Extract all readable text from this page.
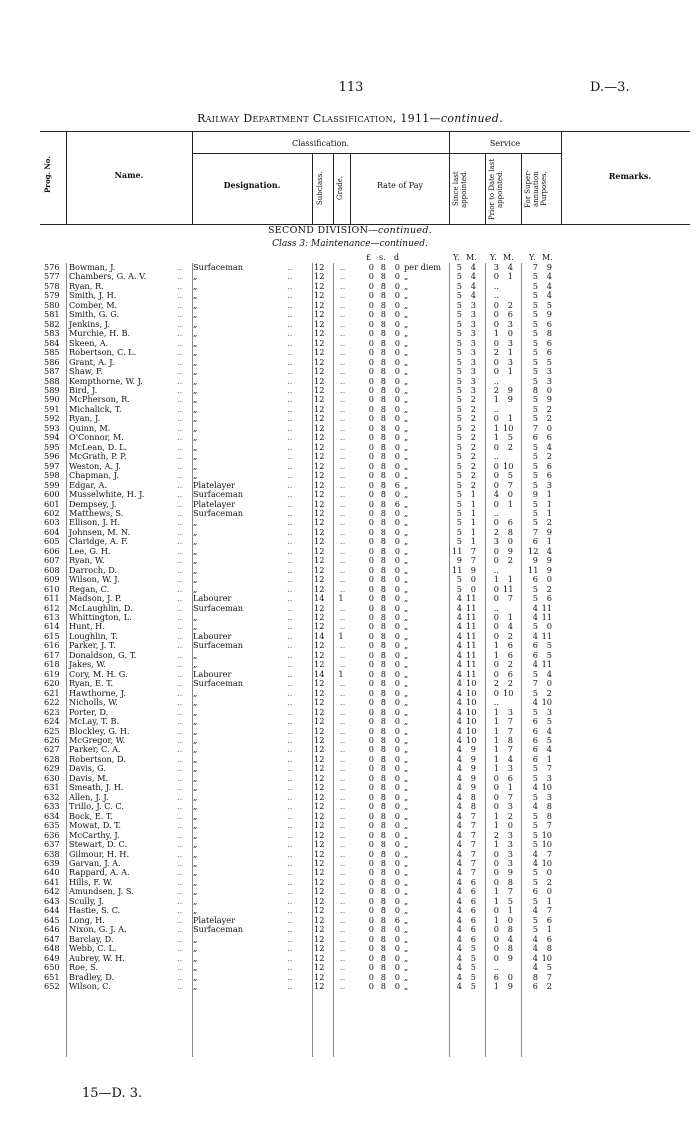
113	D.—3.
Railway Department Classification, 1911—continued.
Prog. No.	Name.
Classification.
Designation.	Subclass.	Grade.	Rate of Pay
Service
Since last appointed.	Prior to Date last appointed.	For Super-annuation Purposes.	Remarks.
SECOND DIVISION—continued.
Class 3: Maintenance—continued.
£ s. d	Y. M. Y. M. Y. M.
576 Bowman, J.	.. Surfaceman	..	12 ..	0 8	0 per diem	5	4	3	4	7	9
577 Chambers, G. A. V.	.. „	..	12 ..	0 8	0 „	5	4	0	1	5	4
578 Ryan, R.	.. „	..	12 ..	0 8	0 „	5	4	..	5	4
579 Smith, J. H.	.. „	..	12 ..	0 8	0 „	5	4	..	5	4
580 Comber, M.	.. „	..	12 ..	0 8	0 „	5	3	0	2	5	5
581 Smith, G. G.	.. „	..	12 ..	0 8	0 „	5	3	0	6	5	9
582 Jenkins, J.	.. „	..	12 ..	0 8	0 „	5	3	0	3	5	6
583 Murchie, H. B.	.. „	..	12 ..	0 8	0 „	5	3	1	0	5	8
584 Skeen, A.	.. „	..	12 ..	0 8	0 „	5	3	0	3	5	6
585 Robertson, C. L.	.. „	..	12 ..	0 8	0 „	5	3	2	1	5	6
586 Grant, A. J.	.. „	..	12 ..	0 8	0 „	5	3	0	3	5	5
587 Shaw, F.	.. „	..	12 ..	0 8	0 „	5	3	0	1	5	3
588 Kempthorne, W. J.	.. „	..	12 ..	0 8	0 „	5	3	..	5	3
589 Bird, J.	.. „	..	12 ..	0 8	0 „	5	3	2	9	8	0
590 McPherson, R.	.. „	..	12 ..	0 8	0 „	5	2	1	9	5	9
591 Michalick, T.	.. „	..	12 ..	0 8	0 „	5	2	..	5	2
592 Ryan, J.	.. „	..	12 ..	0 8	0 „	5	2	0	1	5	2
593 Quinn, M.	.. „	..	12 ..	0 8	0 „	5	2	1 10	7	0
594 O'Connor, M.	.. „	..	12 ..	0 8	0 „	5	2	1	5	6	6
595 McLean, D. L.	.. „	..	12 ..	0 8	0 „	5	2	0	2	5	4
596 McGrath, P. P.	.. „	..	12 ..	0 8	0 „	5	2	..	5	2
597 Weston, A. J.	.. „	..	12 ..	0 8	0 „	5	2	0 10	5	6
598 Chapman, J.	.. „	..	12 ..	0 8	0 „	5	2	0	5	5	6
599 Edgar, A.	.. Platelayer	..	12 ..	0 8	6 „	5	2	0	7	5	3
600 Musselwhite, H. J.	.. Surfaceman	..	12 ..	0 8	0 „	5	1	4	0	9	1
601 Dempsey, J.	.. Platelayer	..	12 ..	0 8	6 „	5	1	0	1	5	1
602 Matthews, S.	.. Surfaceman	..	12 ..	0 8	0 „	5	1	..	5	1
603 Ellison, J. H.	.. „	..	12 ..	0 8	0 „	5	1	0	6	5	2
604 Johnsen, M. N.	.. „	..	12 ..	0 8	0 „	5	1	2	8	7	9
605 Claridge, A. F.	.. „	..	12 ..	0 8	0 „	5	1	3	0	6	1
606 Lee, G. H.	.. „	..	12 ..	0 8	0 „	11	7	0	9 12	4
607 Ryan, W.	.. „	..	12 ..	0 8	0 „	9	7	0	2	9	9
608 Darroch, D.	.. „	..	12 ..	0 8	0 „	11	9	..	11	9
609 Wilson, W. J.	.. „	..	12 ..	0 8	0 „	5	0	1	1	6	0
610 Regan, C.	.. „	..	12 ..	0 8	0 „	5	0	0 11	5	2
611 Madson, J. P.	.. Labourer	..	14 1	0 8	0 „	4 11	0	7	5	6
612 McLaughlin, D.	.. Surfaceman	..	12 ..	0 8	0 „	4 11	..	4 11
613 Whittington, L.	.. „	..	12 ..	0 8	0 „	4 11	0	1	4 11
614 Hunt, H.	.. „	..	12 ..	0 8	0 „	4 11	0	4	5	0
615 Loughlin, T.	.. Labourer	..	14 1	0 8	0 „	4 11	0	2	4 11
616 Parker, J. T.	.. Surfaceman	..	12 ..	0 8	0 „	4 11	1	6	6	5
617 Donaldson, G. T.	.. „	..	12 ..	0 8	0 „	4 11	1	6	6	5
618 Jakes, W.	.. „	..	12 ..	0 8	0 „	4 11	0	2	4 11
619 Cory, M. H. G.	.. Labourer	..	14 1	0 8	0 „	4 11	0	6	5	4
620 Ryan, E. T.	.. Surfaceman	..	12 ..	0 8	0 „	4 10	2	2	7	0
621 Hawthorne, J.	.. „	..	12 ..	0 8	0 „	4 10	0 10	5	2
622 Nicholls, W.	.. „	..	12 ..	0 8	0 „	4 10	..	4 10
623 Porter, D.	.. „	..	12 ..	0 8	0 „	4 10	1	3	5	3
624 McLay, T. B.	.. „	..	12 ..	0 8	0 „	4 10	1	7	6	5
625 Blockley, G. H.	.. „	..	12 ..	0 8	0 „	4 10	1	7	6	4
626 McGregor, W.	.. „	..	12 ..	0 8	0 „	4 10	1	8	6	5
627 Parker, C. A.	.. „	..	12 ..	0 8	0 „	4	9	1	7	6	4
628 Robertson, D.	.. „	..	12 ..	0 8	0 „	4	9	1	4	6	1
629 Davis, G.	.. „	..	12 ..	0 8	0 „	4	9	1	3	5	7
630 Davis, M.	.. „	..	12 ..	0 8	0 „	4	9	0	6	5	3
631 Smeath, J. H.	.. „	..	12 ..	0 8	0 „	4	9	0	1	4 10
632 Allen, J. J.	.. „	..	12 ..	0 8	0 „	4	8	0	7	5	3
633 Trillo, J. C. C.	.. „	..	12 ..	0 8	0 „	4	8	0	3	4	8
634 Bock, E. T.	.. „	..	12 ..	0 8	0 „	4	7	1	2	5	8
635 Mowat, D. T.	.. „	..	12 ..	0 8	0 „	4	7	1	0	5	7
636 McCarthy, J.	.. „	..	12 ..	0 8	0 „	4	7	2	3	5 10
637 Stewart, D. C.	.. „	..	12 ..	0 8	0 „	4	7	1	3	5 10
638 Gilmour, H. H.	.. „	..	12 ..	0 8	0 „	4	7	0	3	4	7
639 Garvan, J. A.	.. „	..	12 ..	0 8	0 „	4	7	0	3	4 10
640 Rappard, A. A.	.. „	..	12 ..	0 8	0 „	4	7	0	9	5	0
641 Hills, F. W.	.. „	..	12 ..	0 8	0 „	4	6	0	8	5	2
642 Amundsen, J. S.	.. „	..	12 ..	0 8	0 „	4	6	1	7	6	0
643 Scully, J.	.. „	..	12 ..	0 8	0 „	4	6	1	5	5	1
644 Hastie, S. C.	.. „	..	12 ..	0 8	0 „	4	6	0	1	4	7
645 Long, H.	.. Platelayer	..	12 ..	0 8	6 „	4	6	1	0	5	6
646 Nixon, G. J. A.	.. Surfaceman	..	12 ..	0 8	0 „	4	6	0	8	5	1
647 Barclay, D.	.. „	..	12 ..	0 8	0 „	4	6	0	4	4	6
648 Webb, C. L.	.. „	..	12 ..	0 8	0 „	4	5	0	8	4	8
649 Aubrey, W. H.	.. „	..	12 ..	0 8	0 „	4	5	0	9	4 10
650 Roe, S.	.. „	..	12 ..	0 8	0 „	4	5	..	4	5
651 Bradley, D.	.. „	..	12 ..	0 8	0 „	4	5	6	0	8	7
652 Wilson, C.	.. „	..	12 ..	0 8	0 „	4	5	1	9	6	2
15—D. 3.
